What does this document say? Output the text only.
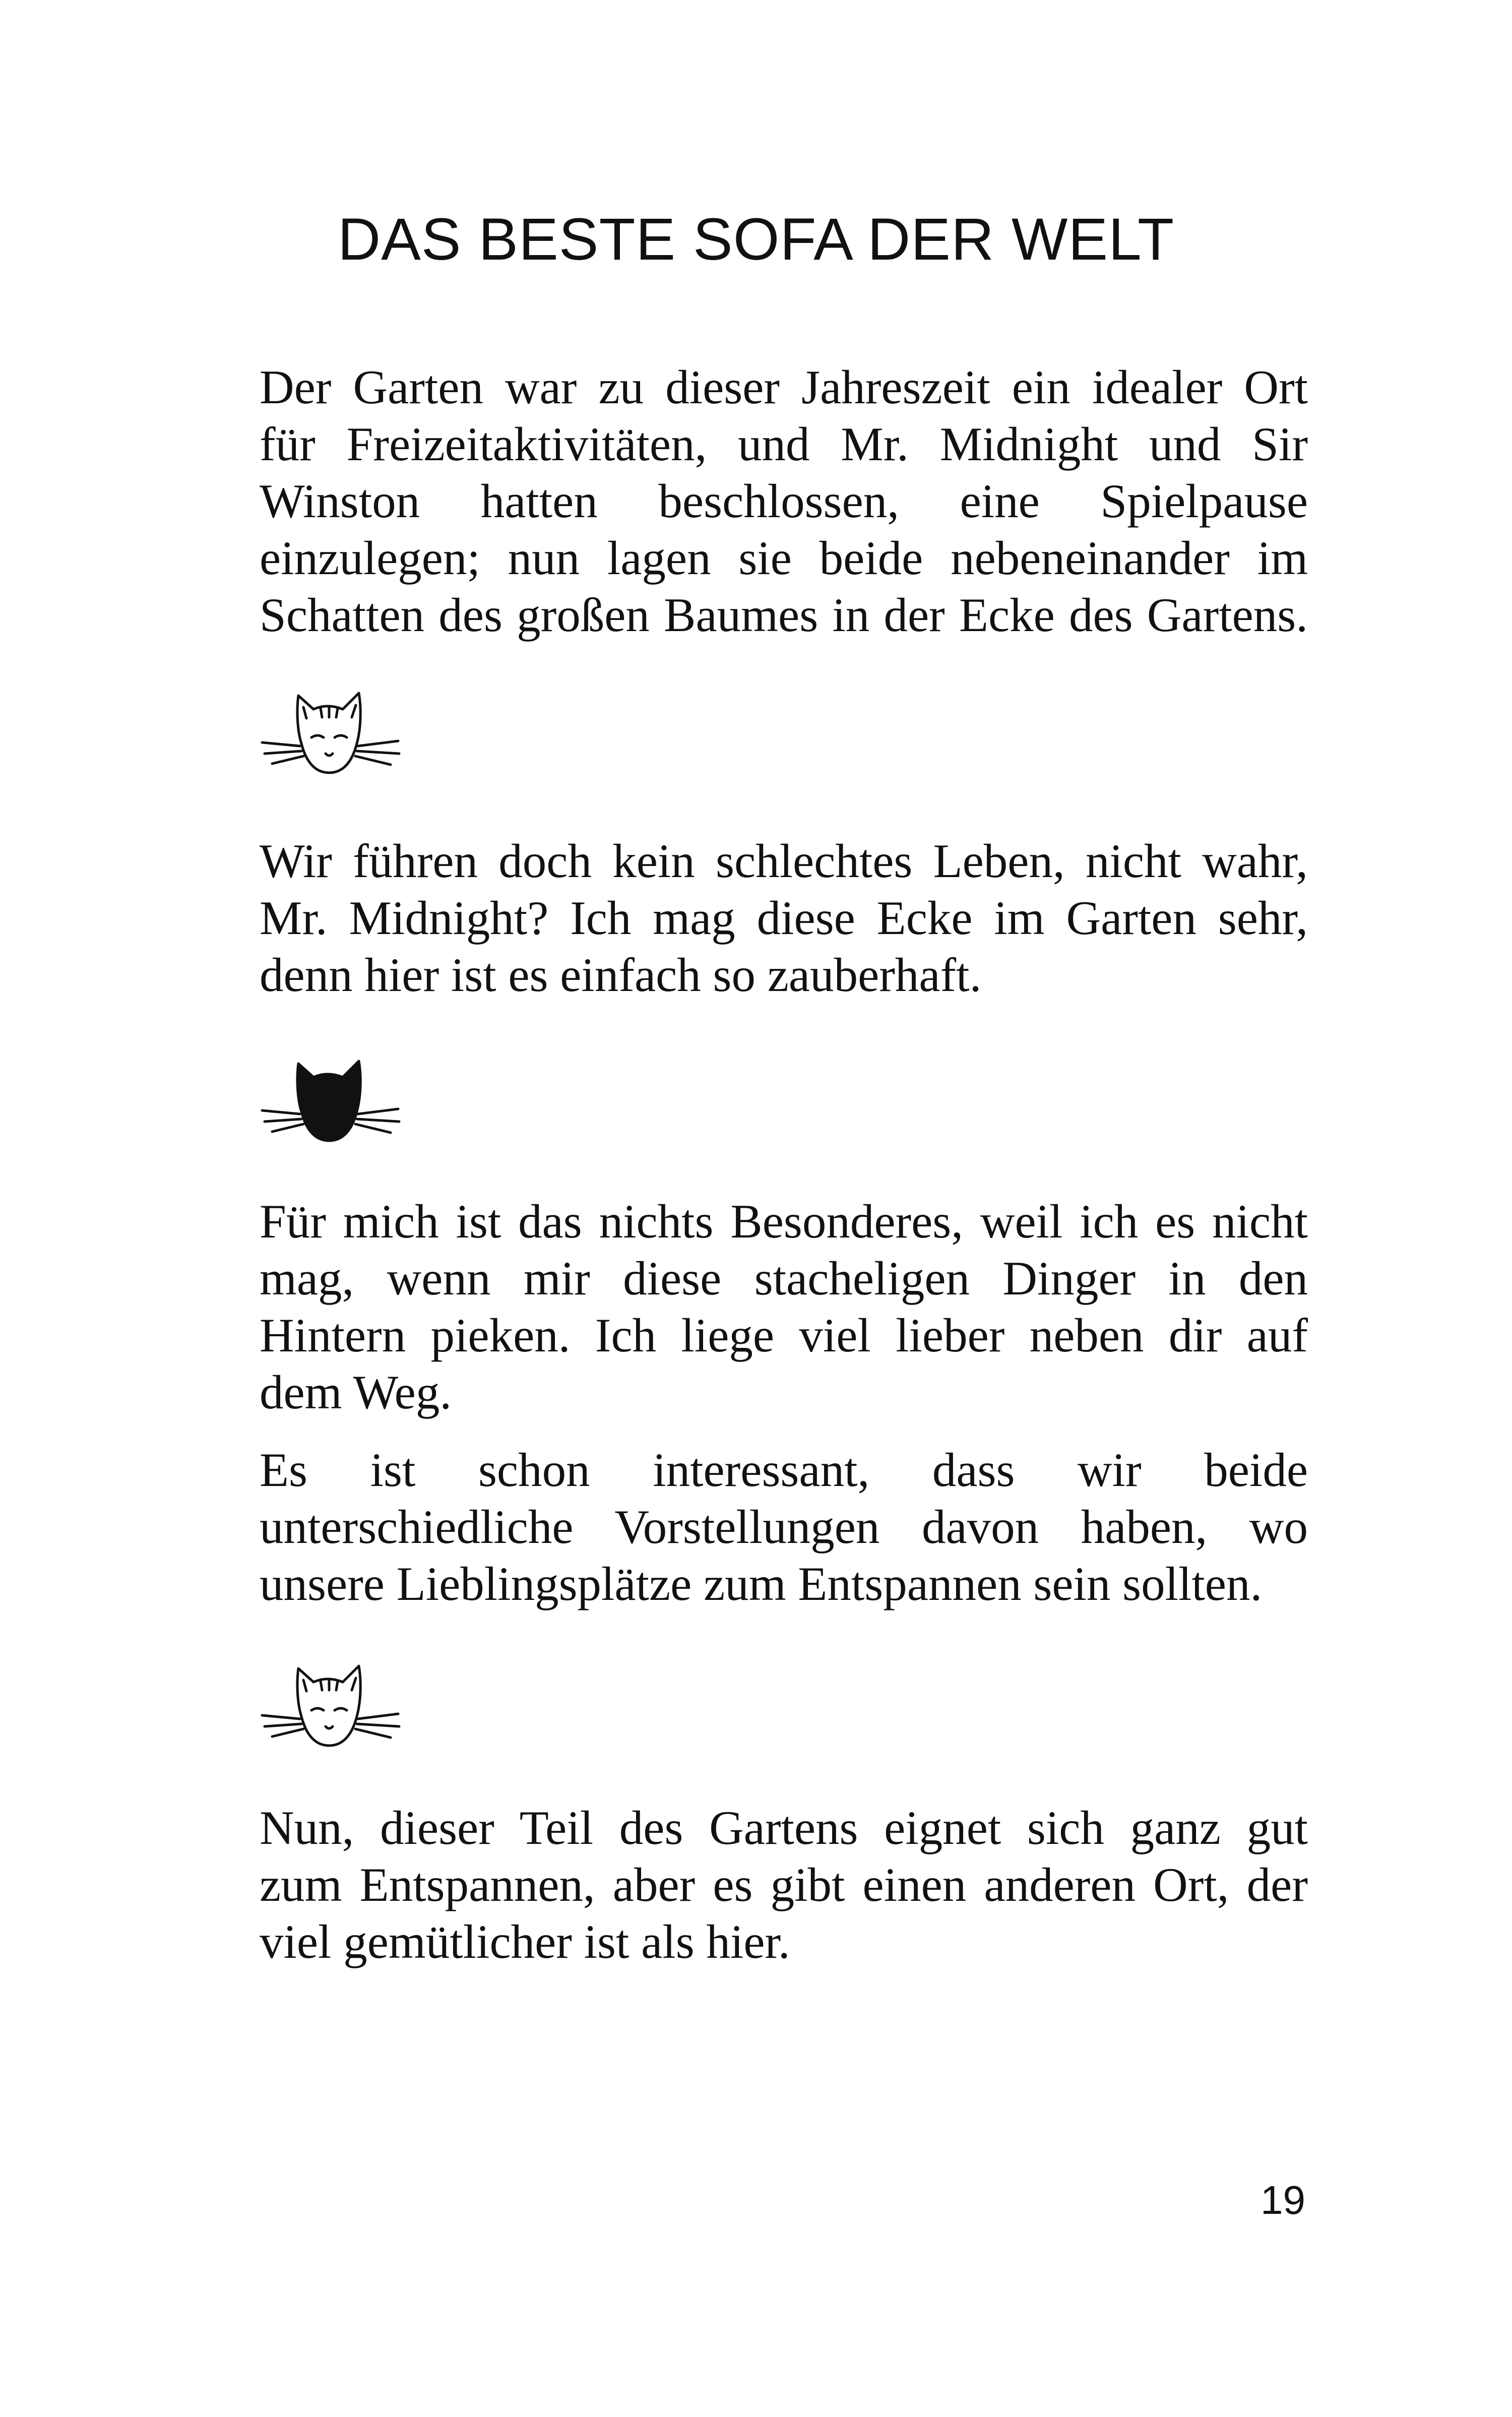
DAS BESTE SOFA DER WELT

Der Garten war zu dieser Jahreszeit ein idealer Ort
für Freizeitaktivitäten, und Mr. Midnight und Sir
Winston hatten beschlossen, eine Spielpause
einzulegen; nun lagen sie beide nebeneinander im
Schatten des großen Baumes in der Ecke des Gartens.

Wir führen doch kein schlechtes Leben, nicht wahr,
Mr. Midnight? Ich mag diese Ecke im Garten sehr,
denn hier ist es einfach so zauberhaft.

Für mich ist das nichts Besonderes, weil ich es nicht
mag, wenn mir diese stacheligen Dinger in den
Hintern pieken. Ich liege viel lieber neben dir auf
dem Weg.

Es ist schon interessant, dass wir beide
unterschiedliche Vorstellungen davon haben, wo
unsere Lieblingsplätze zum Entspannen sein sollten.

Nun, dieser Teil des Gartens eignet sich ganz gut
zum Entspannen, aber es gibt einen anderen Ort, der
viel gemütlicher ist als hier.

19
